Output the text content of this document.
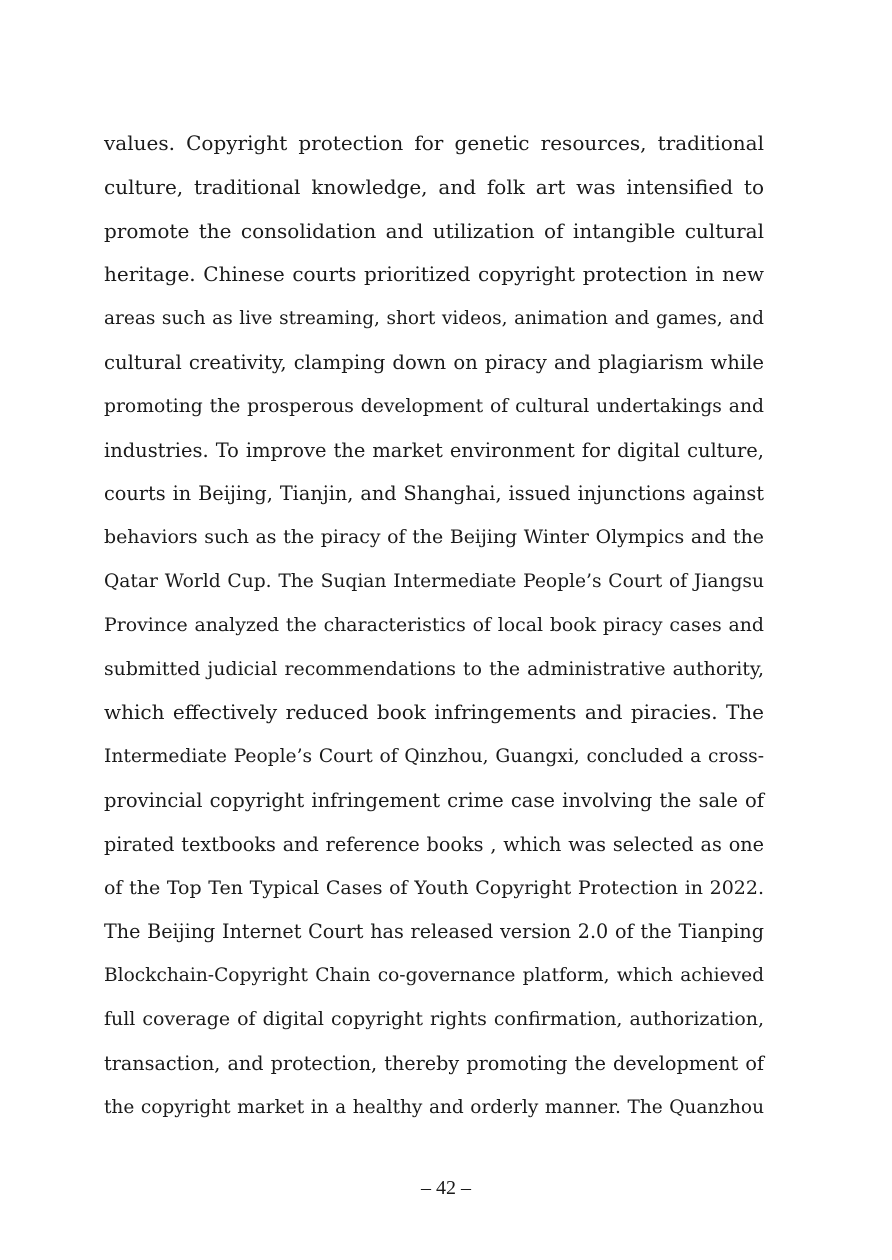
values. Copyright protection for genetic resources, traditional
culture, traditional knowledge, and folk art was intensified to
promote the consolidation and utilization of intangible cultural
heritage. Chinese courts prioritized copyright protection in new
areas such as live streaming, short videos, animation and games, and
cultural creativity, clamping down on piracy and plagiarism while
promoting the prosperous development of cultural undertakings and
industries. To improve the market environment for digital culture,
courts in Beijing, Tianjin, and Shanghai, issued injunctions against
behaviors such as the piracy of the Beijing Winter Olympics and the
Qatar World Cup. The Suqian Intermediate People’s Court of Jiangsu
Province analyzed the characteristics of local book piracy cases and
submitted judicial recommendations to the administrative authority,
which effectively reduced book infringements and piracies. The
Intermediate People’s Court of Qinzhou, Guangxi, concluded a cross-
provincial copyright infringement crime case involving the sale of
pirated textbooks and reference books , which was selected as one
of the Top Ten Typical Cases of Youth Copyright Protection in 2022.
The Beijing Internet Court has released version 2.0 of the Tianping
Blockchain-Copyright Chain co-governance platform, which achieved
full coverage of digital copyright rights confirmation, authorization,
transaction, and protection, thereby promoting the development of
the copyright market in a healthy and orderly manner. The Quanzhou
– 42 –
